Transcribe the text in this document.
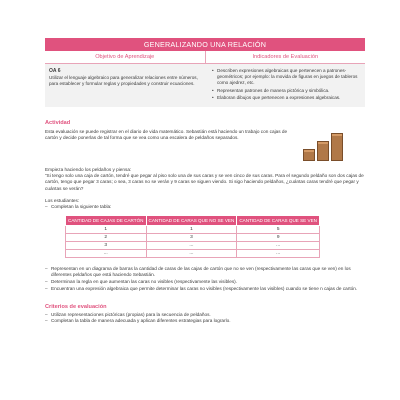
GENERALIZANDO UNA RELACIÓN
Objetivo de Aprendizaje	Indicadores de Evaluación
OA 6
Utilizar el lenguaje algebraico para generalizar relaciones entre números, para establecer y formular reglas y propiedades y construir ecuaciones.
• Describen expresiones algebraicas que pertenecen a patrones-geométricos; por ejemplo: la movida de figuras en juegos de tableros como ajedrez, etc.
• Representan patrones de manera pictórica y simbólica.
• Elaboran dibujos que pertenecen a expresiones algebraicas.
Actividad

Esta evaluación se puede registrar en el diario de vida matemático. Sebastián está haciendo un trabajo con cajas de cartón y decide ponerlas de tal forma que se vea como una escalera de peldaños separados.

Empieza haciendo los peldaños y piensa:

“Si tengo solo una caja de cartón, tendré que pegar al piso solo una de sus caras y se ven cinco de sus caras. Para el segundo peldaño son dos cajas de cartón, tengo que pegar 3 caras; o sea, 3 caras no se verán y 9 caras se siguen viendo. Si sigo haciendo peldaños, ¿cuántas caras tendré que pegar y cuántas se verán?

Los estudiantes:

– Completan la siguiente tabla:
CANTIDAD DE CAJAS DE CARTÓN	CANTIDAD DE CARAS QUE NO SE VEN	CANTIDAD DE CARAS QUE SE VEN
1	1	5
2	3	9
3	...	...
...	...	...
– Representan en un diagrama de barras la cantidad de caras de las cajas de cartón que no se ven (respectivamente las caras que se ven) en los diferentes peldaños que está haciendo Sebastián.
– Determinan la regla en que aumentan las caras no visibles (respectivamente las visibles).
– Encuentran una expresión algebraica que permite determinar las caras no visibles (respectivamente las visibles) cuando se tiene n cajas de cartón.
Criterios de evaluación
– Utilizan representaciones pictóricas (propias) para la secuencia de peldaños.
– Completan la tabla de manera adecuada y aplican diferentes estrategias para lograrlo.
